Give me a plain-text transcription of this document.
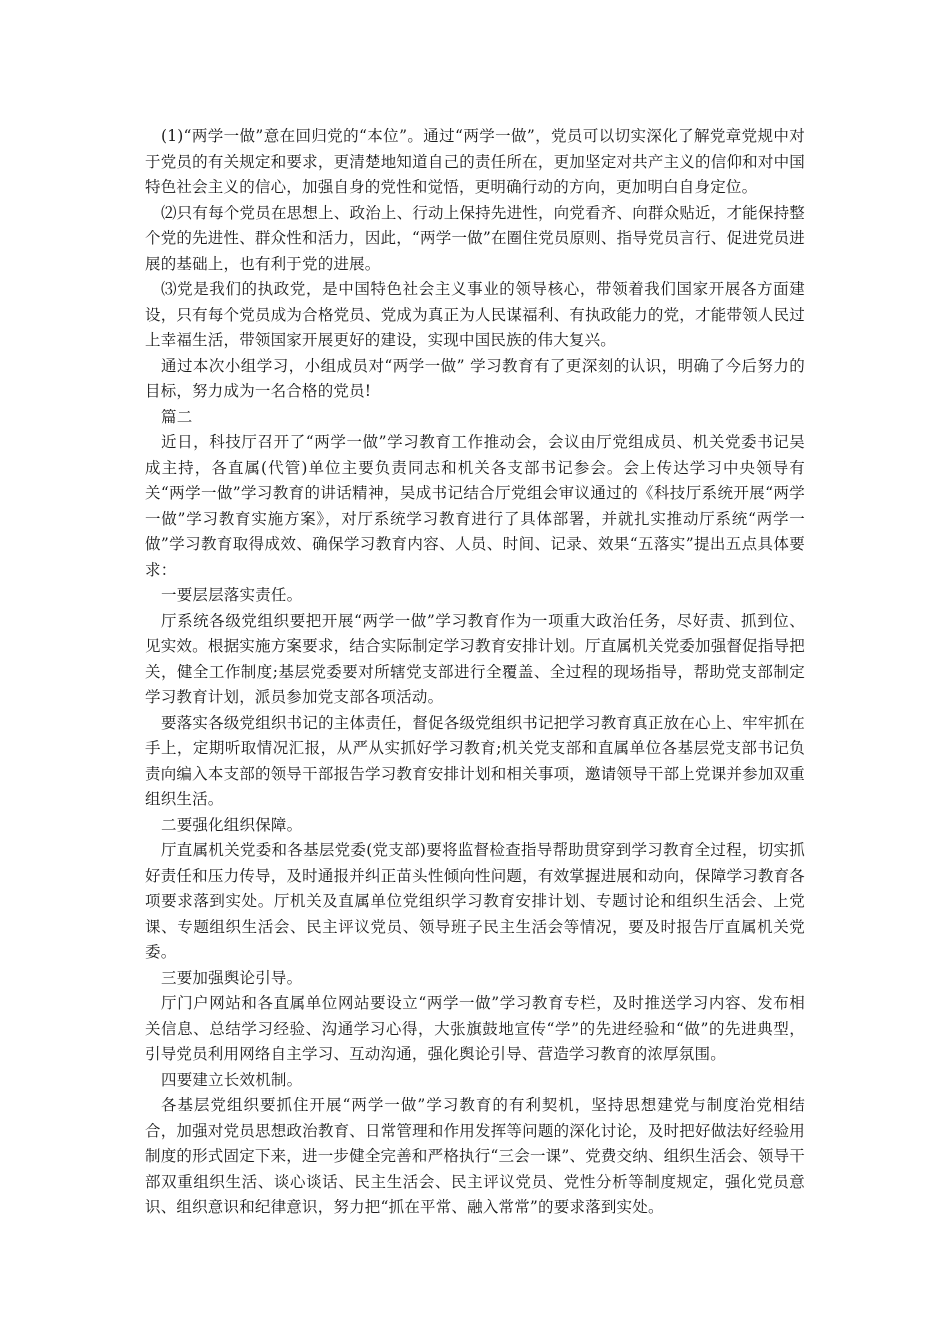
(1)“两学一做”意在回归党的“本位”。通过“两学一做”，党员可以切实深化了解党章党规中对于党员的有关规定和要求，更清楚地知道自己的责任所在，更加坚定对共产主义的信仰和对中国特色社会主义的信心，加强自身的党性和觉悟，更明确行动的方向，更加明白自身定位。

⑵只有每个党员在思想上、政治上、行动上保持先进性，向党看齐、向群众贴近，才能保持整个党的先进性、群众性和活力，因此，“两学一做”在圈住党员原则、指导党员言行、促进党员进展的基础上，也有利于党的进展。

⑶党是我们的执政党，是中国特色社会主义事业的领导核心，带领着我们国家开展各方面建设，只有每个党员成为合格党员、党成为真正为人民谋福利、有执政能力的党，才能带领人民过上幸福生活，带领国家开展更好的建设，实现中国民族的伟大复兴。

通过本次小组学习，小组成员对“两学一做” 学习教育有了更深刻的认识，明确了今后努力的目标，努力成为一名合格的党员!

篇二

近日，科技厅召开了“两学一做”学习教育工作推动会，会议由厅党组成员、机关党委书记吴成主持，各直属(代管)单位主要负责同志和机关各支部书记参会。会上传达学习中央领导有关“两学一做”学习教育的讲话精神，吴成书记结合厅党组会审议通过的《科技厅系统开展“两学一做”学习教育实施方案》，对厅系统学习教育进行了具体部署，并就扎实推动厅系统“两学一做”学习教育取得成效、确保学习教育内容、人员、时间、记录、效果“五落实”提出五点具体要求：

一要层层落实责任。

厅系统各级党组织要把开展“两学一做”学习教育作为一项重大政治任务，尽好责、抓到位、见实效。根据实施方案要求，结合实际制定学习教育安排计划。厅直属机关党委加强督促指导把关，健全工作制度;基层党委要对所辖党支部进行全覆盖、全过程的现场指导，帮助党支部制定学习教育计划，派员参加党支部各项活动。

要落实各级党组织书记的主体责任，督促各级党组织书记把学习教育真正放在心上、牢牢抓在手上，定期听取情况汇报，从严从实抓好学习教育;机关党支部和直属单位各基层党支部书记负责向编入本支部的领导干部报告学习教育安排计划和相关事项，邀请领导干部上党课并参加双重组织生活。

二要强化组织保障。

厅直属机关党委和各基层党委(党支部)要将监督检查指导帮助贯穿到学习教育全过程，切实抓好责任和压力传导，及时通报并纠正苗头性倾向性问题，有效掌握进展和动向，保障学习教育各项要求落到实处。厅机关及直属单位党组织学习教育安排计划、专题讨论和组织生活会、上党课、专题组织生活会、民主评议党员、领导班子民主生活会等情况，要及时报告厅直属机关党委。

三要加强舆论引导。

厅门户网站和各直属单位网站要设立“两学一做”学习教育专栏，及时推送学习内容、发布相关信息、总结学习经验、沟通学习心得，大张旗鼓地宣传“学”的先进经验和“做”的先进典型，引导党员利用网络自主学习、互动沟通，强化舆论引导、营造学习教育的浓厚氛围。

四要建立长效机制。

各基层党组织要抓住开展“两学一做”学习教育的有利契机，坚持思想建党与制度治党相结合，加强对党员思想政治教育、日常管理和作用发挥等问题的深化讨论，及时把好做法好经验用制度的形式固定下来，进一步健全完善和严格执行“三会一课”、党费交纳、组织生活会、领导干部双重组织生活、谈心谈话、民主生活会、民主评议党员、党性分析等制度规定，强化党员意识、组织意识和纪律意识，努力把“抓在平常、融入常常”的要求落到实处。
